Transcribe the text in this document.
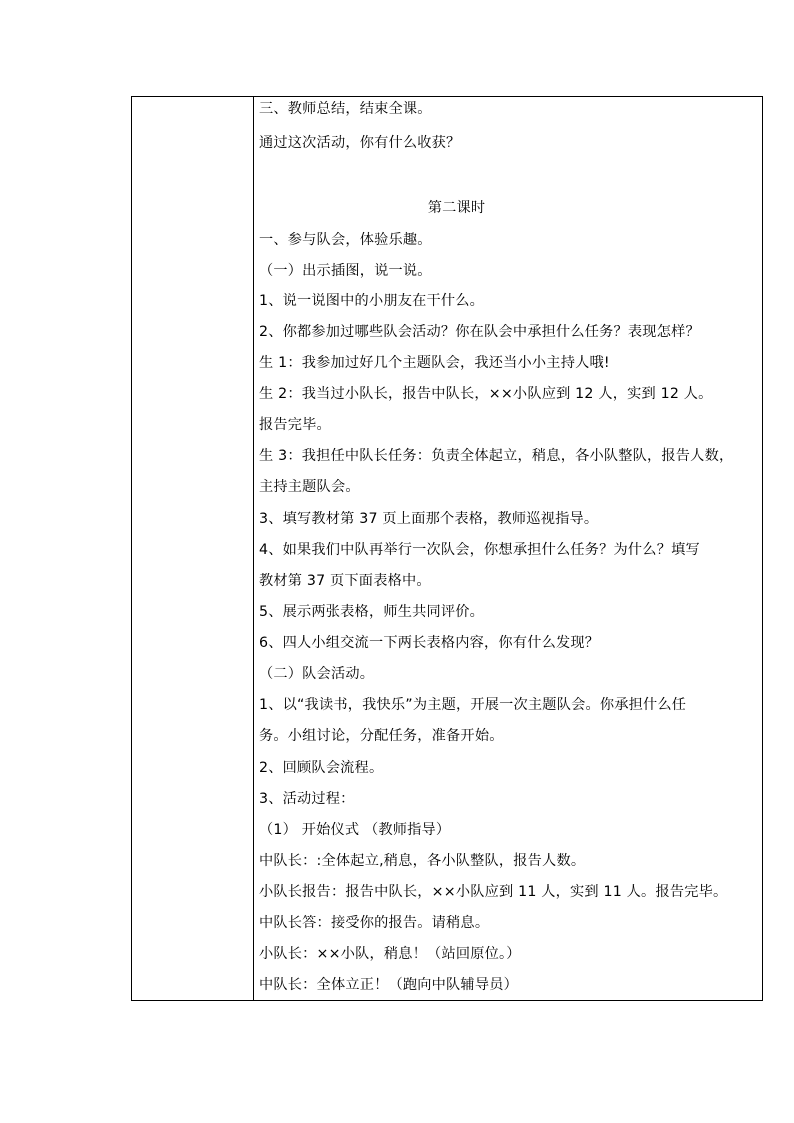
三、教师总结，结束全课。
通过这次活动，你有什么收获？
第二课时
一、参与队会，体验乐趣。
（一）出示插图，说一说。
1、说一说图中的小朋友在干什么。
2、你都参加过哪些队会活动？你在队会中承担什么任务？表现怎样？
生 1：我参加过好几个主题队会，我还当小小主持人哦!
生 2：我当过小队长，报告中队长，××小队应到 12 人，实到 12 人。
报告完毕。
生 3：我担任中队长任务：负责全体起立，稍息，各小队整队，报告人数，
主持主题队会。
3、填写教材第 37 页上面那个表格，教师巡视指导。
4、如果我们中队再举行一次队会，你想承担什么任务？为什么？填写
教材第 37 页下面表格中。
5、展示两张表格，师生共同评价。
6、四人小组交流一下两长表格内容，你有什么发现？
（二）队会活动。
1、以“我读书，我快乐”为主题，开展一次主题队会。你承担什么任
务。小组讨论，分配任务，准备开始。
2、回顾队会流程。
3、活动过程：
（1） 开始仪式 （教师指导）
中队长：:全体起立,稍息，各小队整队，报告人数。
小队长报告：报告中队长，××小队应到 11 人，实到 11 人。报告完毕。
中队长答：接受你的报告。请稍息。
小队长：××小队，稍息！（站回原位。）
中队长：全体立正！（跑向中队辅导员）
